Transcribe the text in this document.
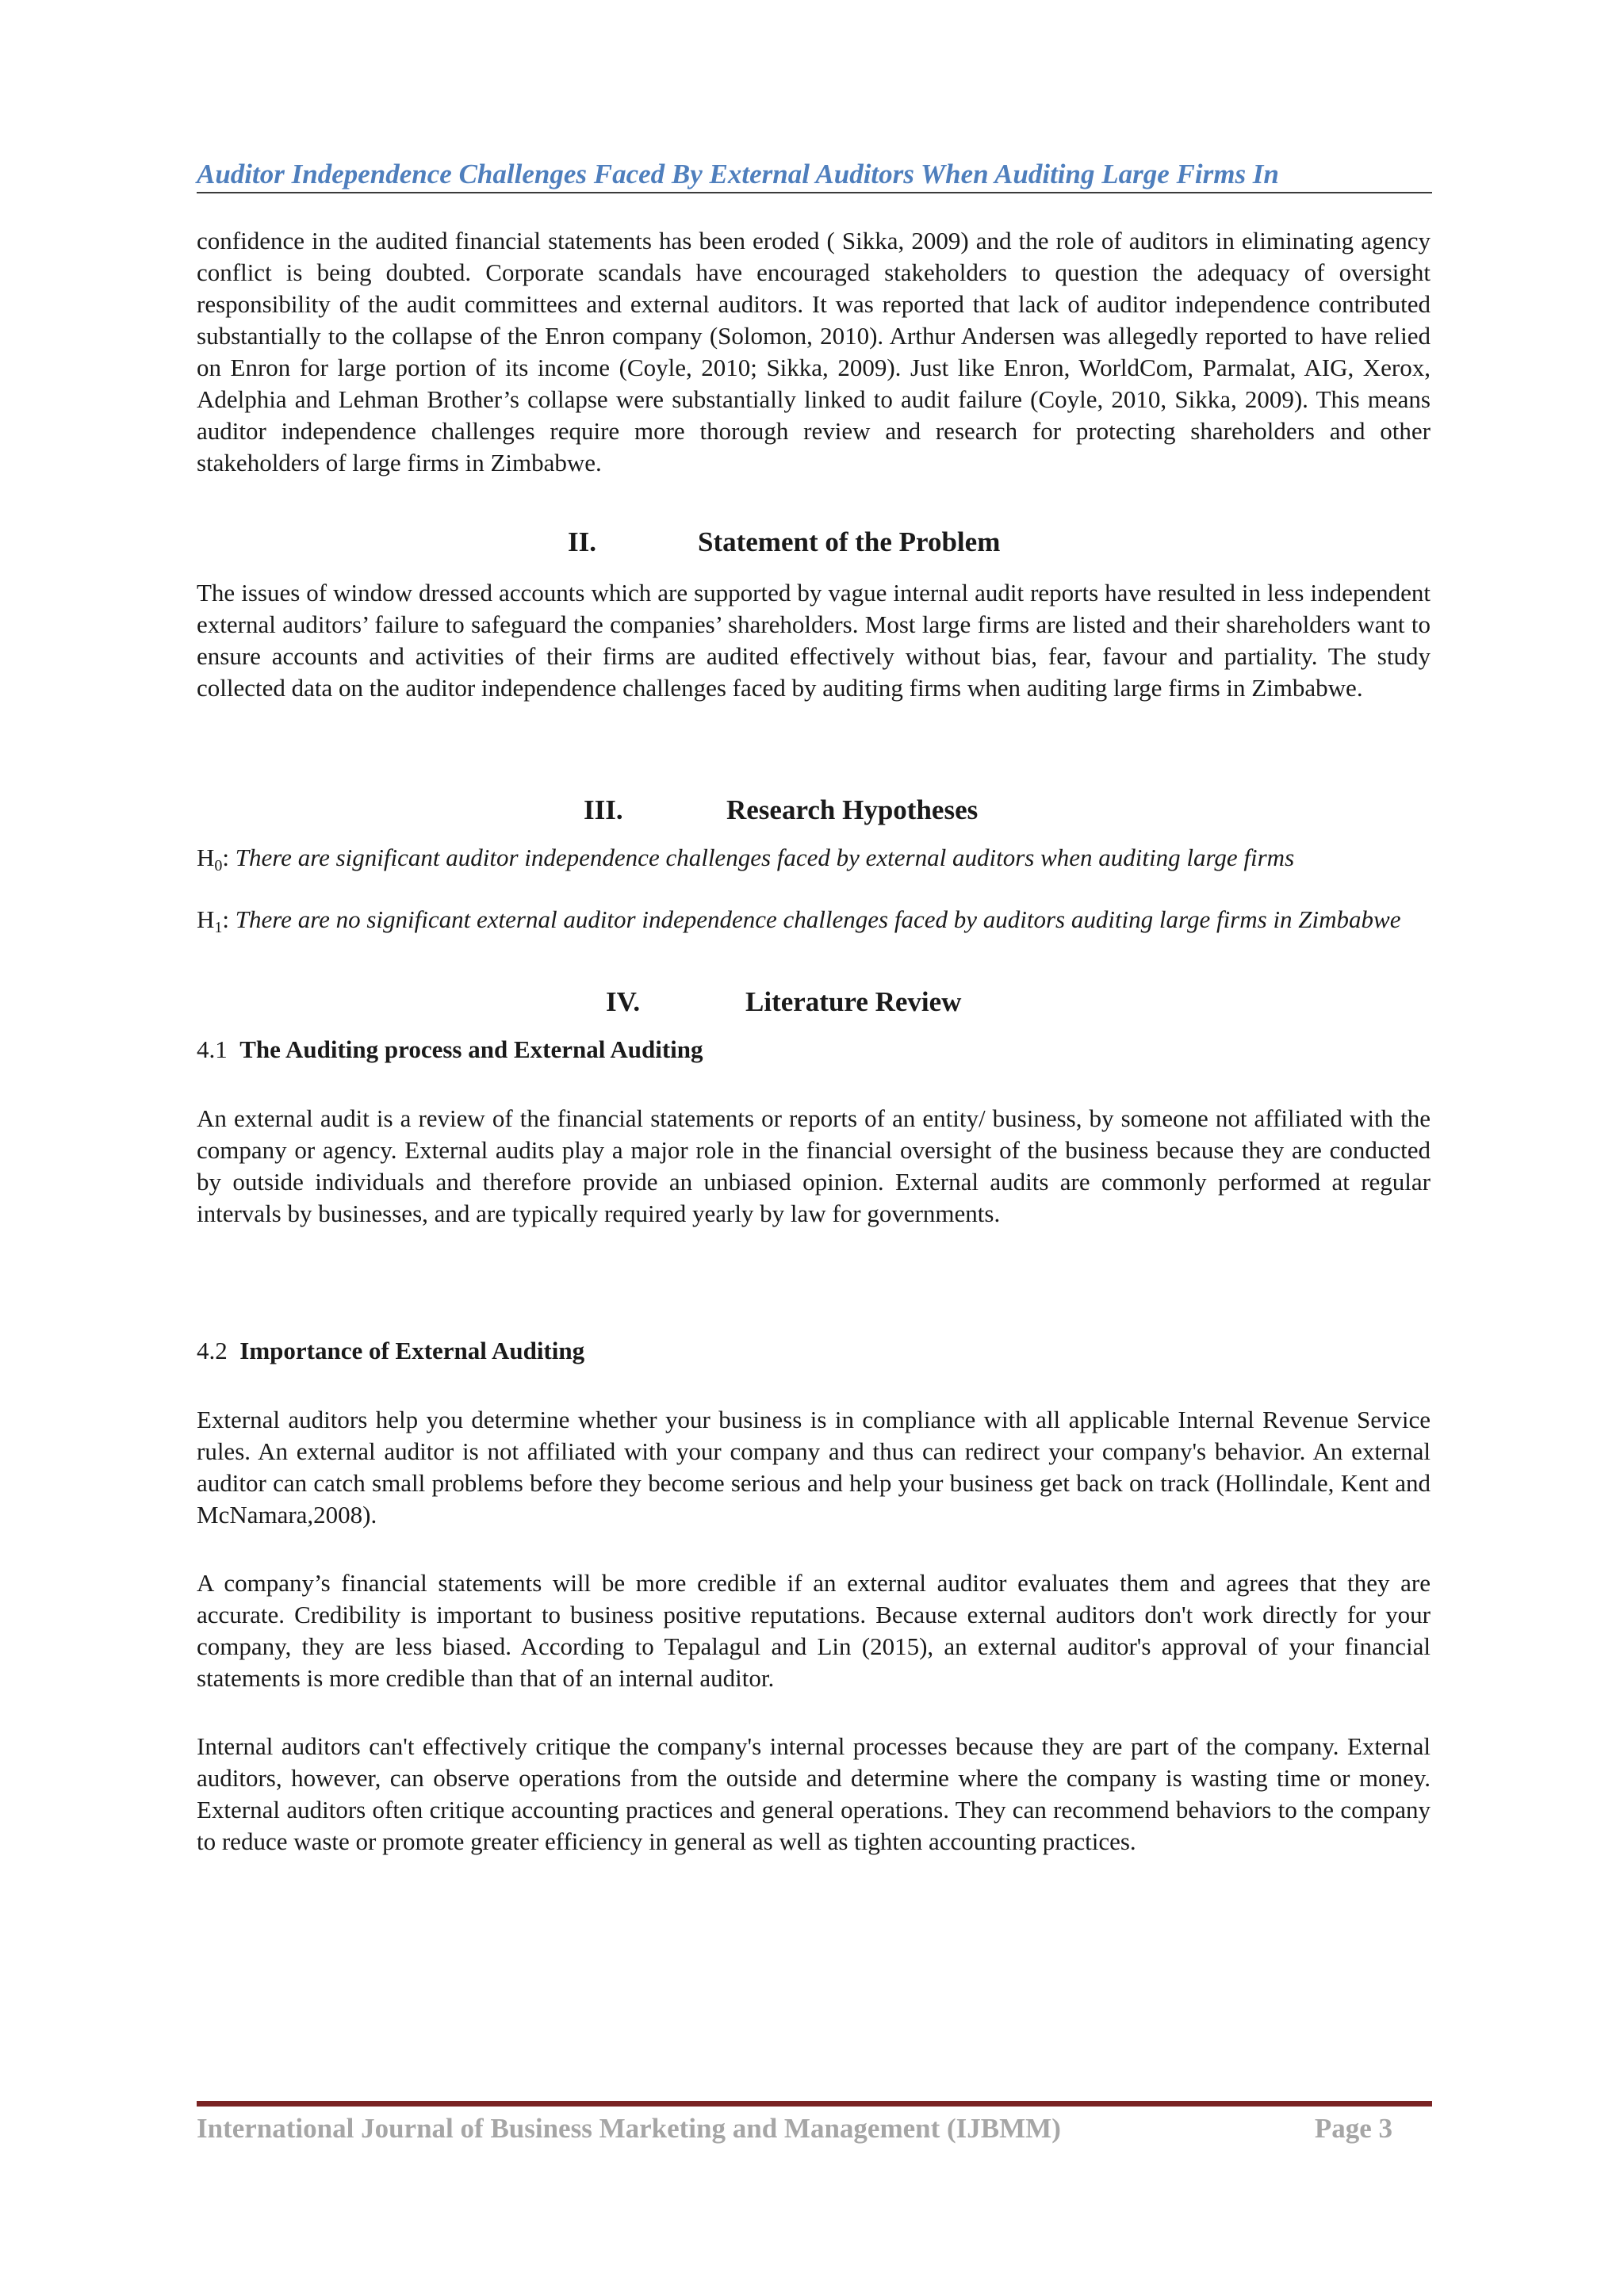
Auditor Independence Challenges Faced By External Auditors When Auditing Large Firms In

confidence in the audited financial statements has been eroded ( Sikka, 2009) and the role of auditors in eliminating agency conflict is being doubted. Corporate scandals have encouraged stakeholders to question the adequacy of oversight responsibility of the audit committees and external auditors. It was reported that lack of auditor independence contributed substantially to the collapse of the Enron company (Solomon, 2010). Arthur Andersen was allegedly reported to have relied on Enron for large portion of its income (Coyle, 2010; Sikka, 2009). Just like Enron, WorldCom, Parmalat, AIG, Xerox, Adelphia and Lehman Brother’s collapse were substantially linked to audit failure (Coyle, 2010, Sikka, 2009). This means auditor independence challenges require more thorough review and research for protecting shareholders and other stakeholders of large firms in Zimbabwe.

II.	Statement of the Problem

The issues of window dressed accounts which are supported by vague internal audit reports have resulted in less independent external auditors’ failure to safeguard the companies’ shareholders. Most large firms are listed and their shareholders want to ensure accounts and activities of their firms are audited effectively without bias, fear, favour and partiality. The study collected data on the auditor independence challenges faced by auditing firms when auditing large firms in Zimbabwe.

III.	Research Hypotheses
$H_0$: There are significant auditor independence challenges faced by external auditors when auditing large firms
$H_1$: There are no significant external auditor independence challenges faced by auditors auditing large firms in Zimbabwe
IV.	Literature Review
4.1 The Auditing process and External Auditing

An external audit is a review of the financial statements or reports of an entity/ business, by someone not affiliated with the company or agency. External audits play a major role in the financial oversight of the business because they are conducted by outside individuals and therefore provide an unbiased opinion. External audits are commonly performed at regular intervals by businesses, and are typically required yearly by law for governments.

4.2 Importance of External Auditing

External auditors help you determine whether your business is in compliance with all applicable Internal Revenue Service rules. An external auditor is not affiliated with your company and thus can redirect your company's behavior. An external auditor can catch small problems before they become serious and help your business get back on track (Hollindale, Kent and McNamara,2008).

A company’s financial statements will be more credible if an external auditor evaluates them and agrees that they are accurate. Credibility is important to business positive reputations. Because external auditors don't work directly for your company, they are less biased. According to Tepalagul and Lin (2015), an external auditor's approval of your financial statements is more credible than that of an internal auditor.

Internal auditors can't effectively critique the company's internal processes because they are part of the company. External auditors, however, can observe operations from the outside and determine where the company is wasting time or money. External auditors often critique accounting practices and general operations. They can recommend behaviors to the company to reduce waste or promote greater efficiency in general as well as tighten accounting practices.

International Journal of Business Marketing and Management (IJBMM)	Page 3
